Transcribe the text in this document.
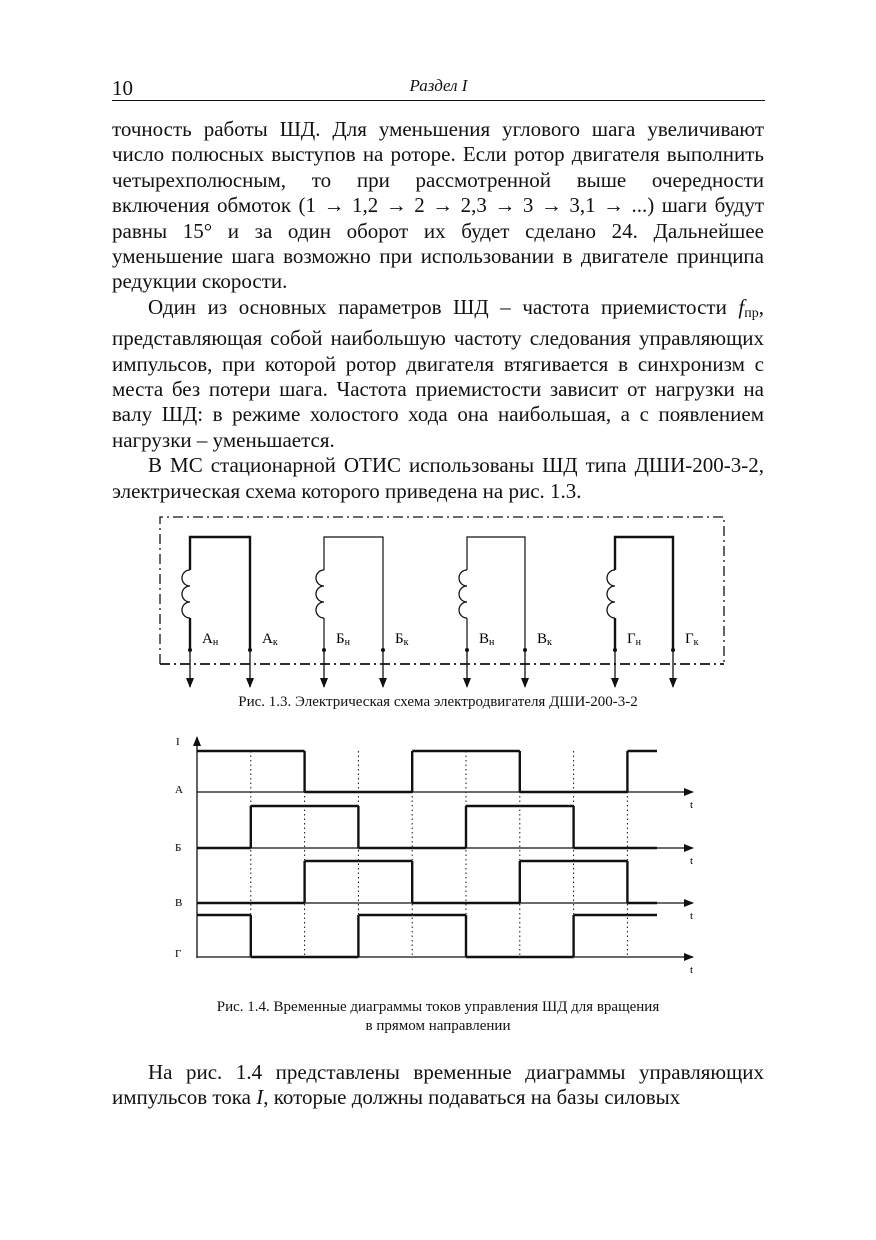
10	Раздел I

точность работы ШД. Для уменьшения углового шага увеличивают число полюсных выступов на роторе. Если ротор двигателя выполнить четырехполюсным, то при рассмотренной выше очередности включения обмоток (1 → 1,2 → 2 → 2,3 → 3 → 3,1 → ...) шаги будут равны 15° и за один оборот их будет сделано 24. Дальнейшее уменьшение шага возможно при использовании в двигателе принципа редукции скорости.

Один из основных параметров ШД – частота приемистости $f_{пр}$, представляющая собой наибольшую частоту следования управляющих импульсов, при которой ротор двигателя втягивается в синхронизм с места без потери шага. Частота приемистости зависит от нагрузки на валу ШД: в режиме холостого хода она наибольшая, а с появлением нагрузки – уменьшается.

В МС стационарной ОТИС использованы ШД типа ДШИ-200-3-2, электрическая схема которого приведена на рис. 1.3.

Ан	Ак	Бн	Бк	Вн	Вк	Гн	Гк
Рис. 1.3. Электрическая схема электродвигателя ДШИ-200-3-2
I
А
t
Б
t
В
t
Г
t
Рис. 1.4. Временные диаграммы токов управления ШД для вращения
в прямом направлении

На рис. 1.4 представлены временные диаграммы управляющих импульсов тока I, которые должны подаваться на базы силовых
